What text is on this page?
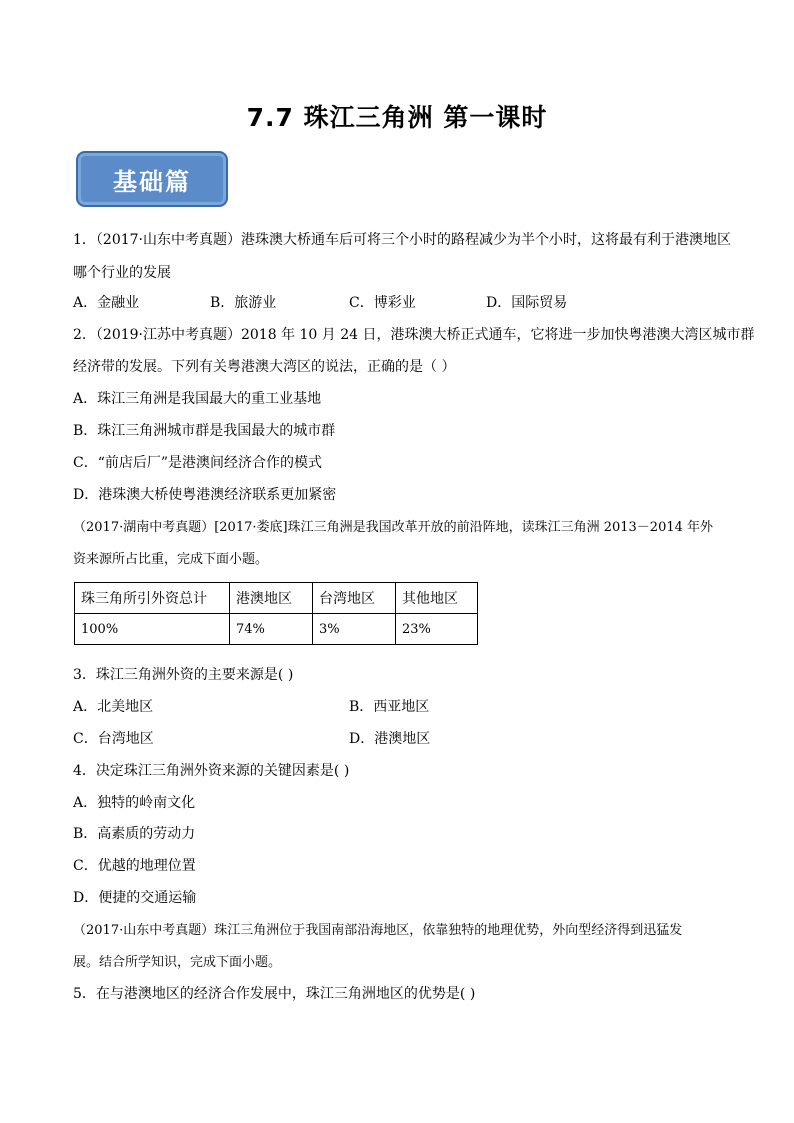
7.7 珠江三角洲 第一课时
基础篇
1．（2017·山东中考真题）港珠澳大桥通车后可将三个小时的路程减少为半个小时，这将最有利于港澳地区
哪个行业的发展
A．金融业	B．旅游业	C．博彩业	D．国际贸易
2．（2019·江苏中考真题）2018 年 10 月 24 日，港珠澳大桥正式通车，它将进一步加快粤港澳大湾区城市群
经济带的发展。下列有关粤港澳大湾区的说法，正确的是（ ）
A．珠江三角洲是我国最大的重工业基地
B．珠江三角洲城市群是我国最大的城市群
C．“前店后厂”是港澳间经济合作的模式
D．港珠澳大桥使粤港澳经济联系更加紧密
（2017·湖南中考真题）[2017·娄底]珠江三角洲是我国改革开放的前沿阵地，读珠江三角洲 2013－2014 年外
资来源所占比重，完成下面小题。
珠三角所引外资总计	港澳地区	台湾地区	其他地区
100%	74%	3%	23%
3．珠江三角洲外资的主要来源是( )
A．北美地区	B．西亚地区
C．台湾地区	D．港澳地区
4．决定珠江三角洲外资来源的关键因素是( )
A．独特的岭南文化
B．高素质的劳动力
C．优越的地理位置
D．便捷的交通运输
（2017·山东中考真题）珠江三角洲位于我国南部沿海地区，依靠独特的地理优势，外向型经济得到迅猛发
展。结合所学知识，完成下面小题。
5．在与港澳地区的经济合作发展中，珠江三角洲地区的优势是( )
